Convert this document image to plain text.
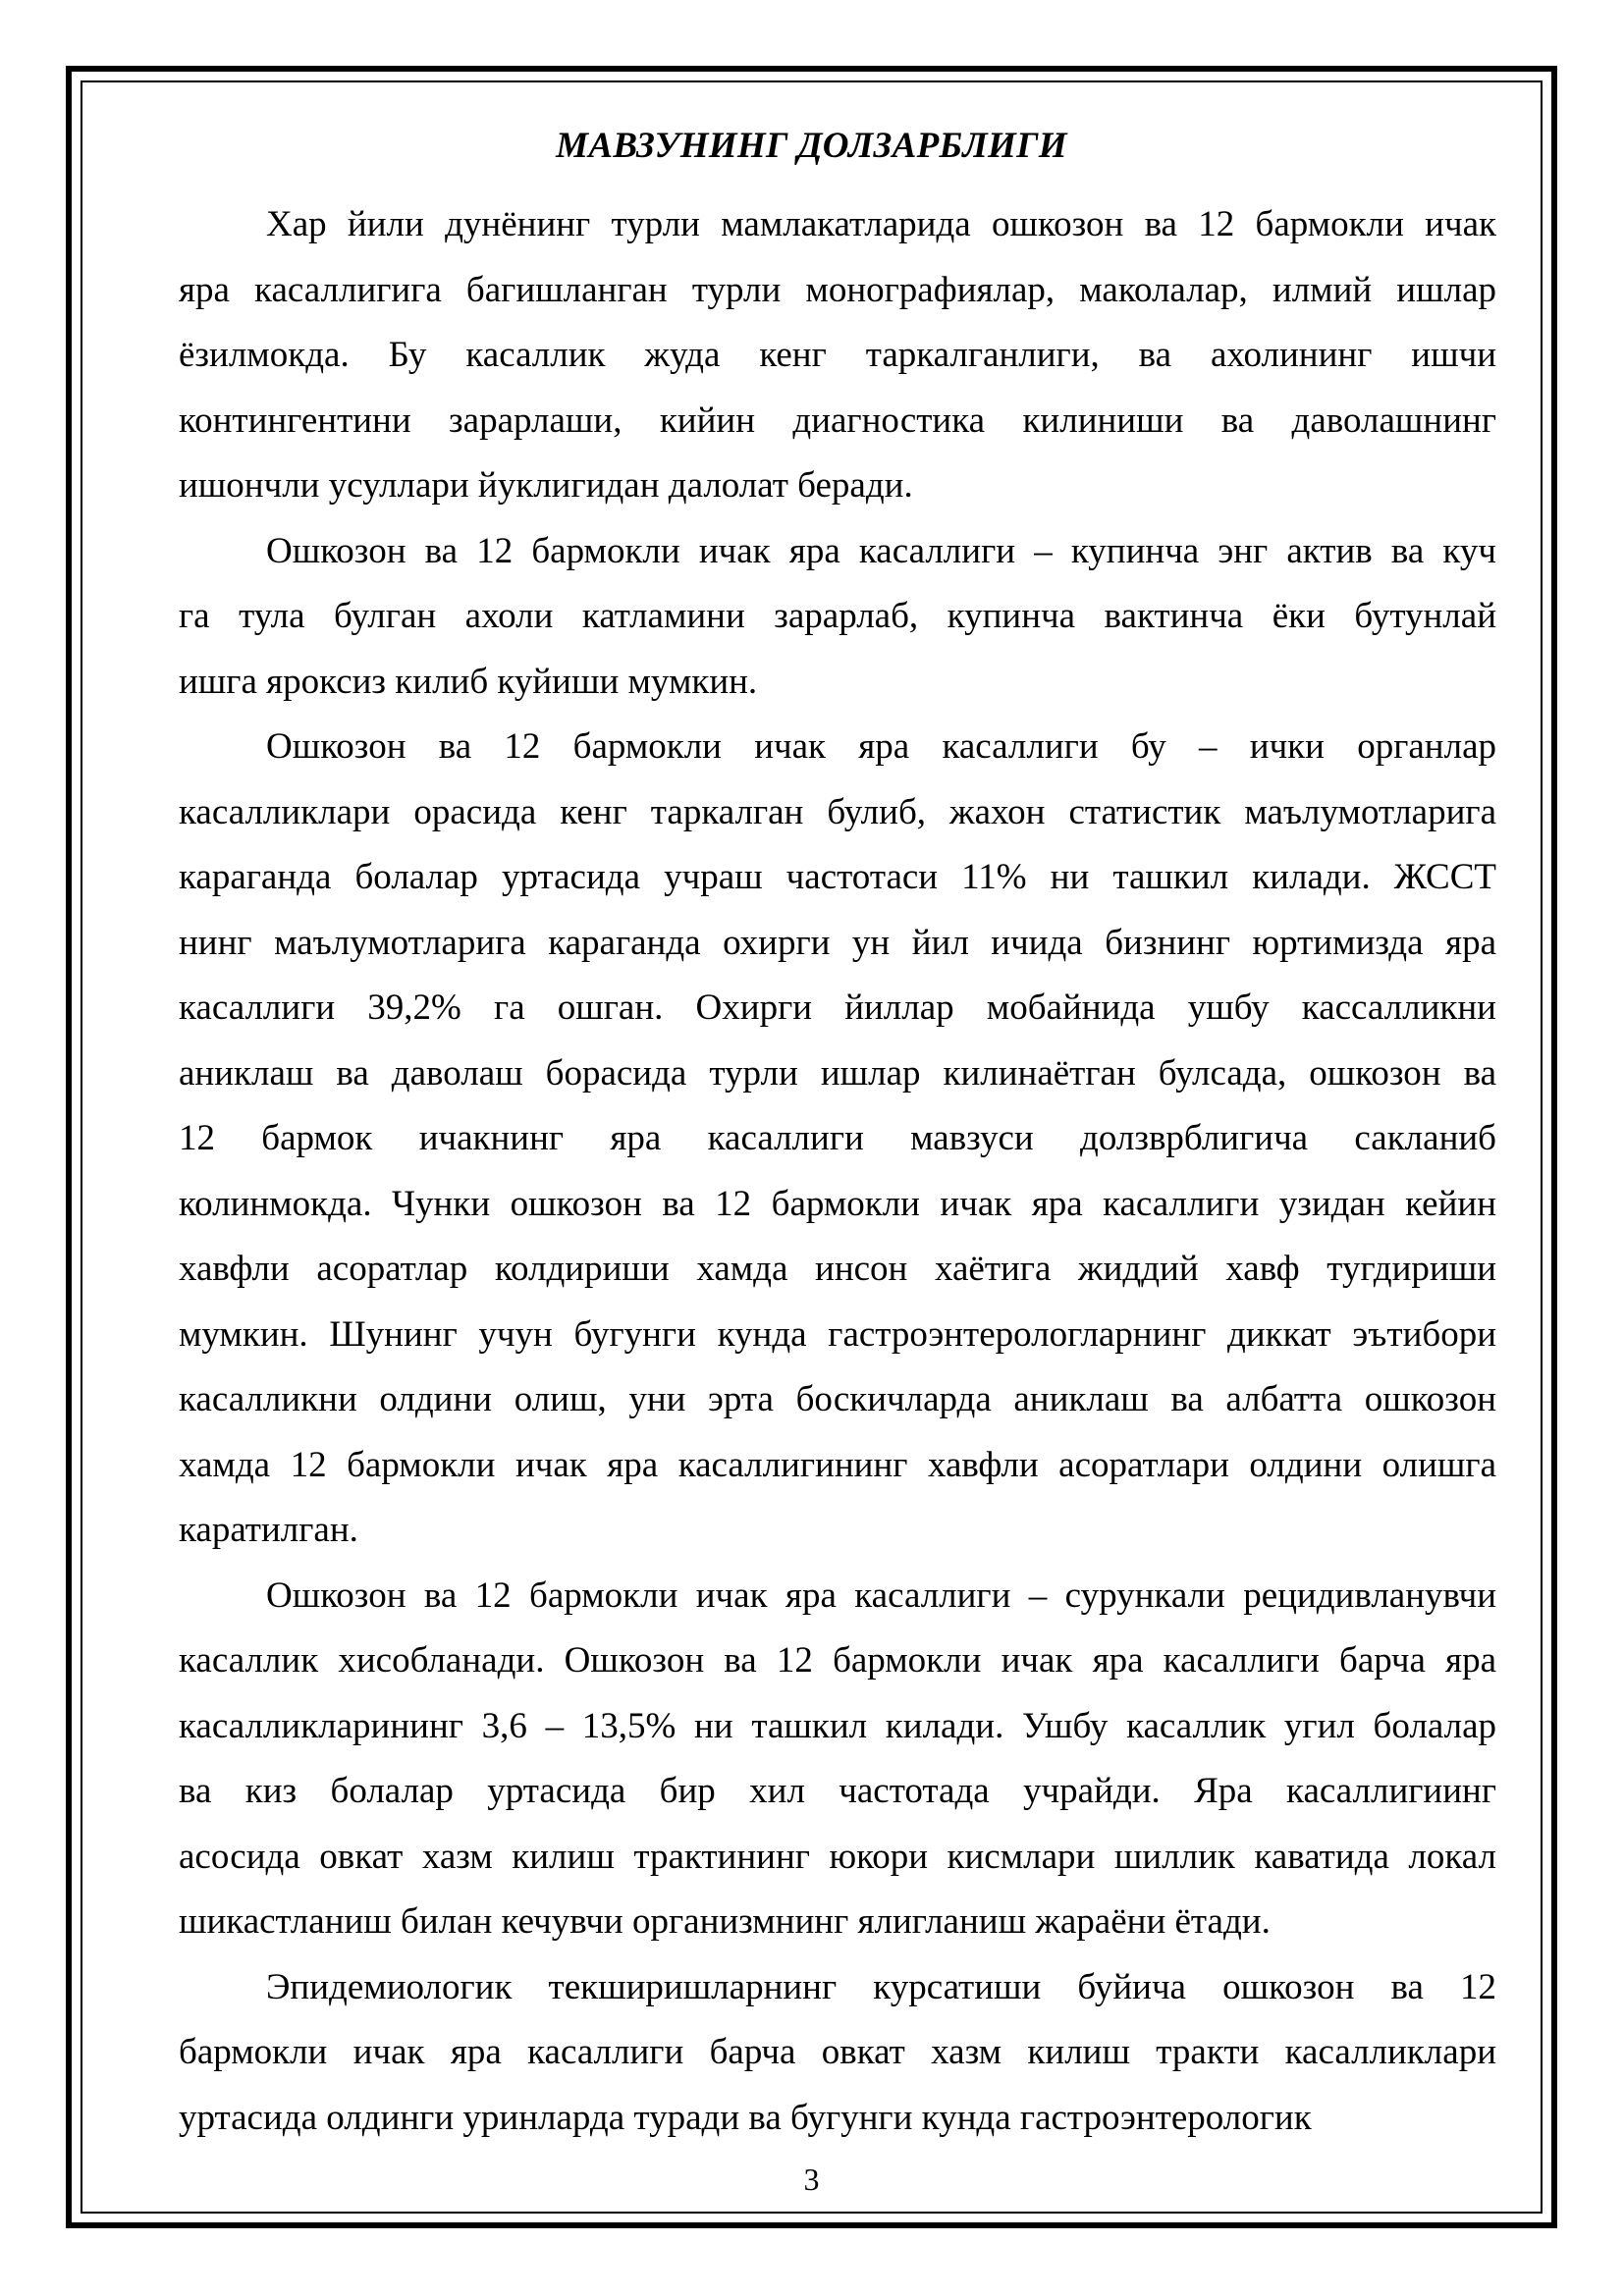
МАВЗУНИНГ ДОЛЗАРБЛИГИ

Хар йили дунёнинг турли мамлакатларида ошкозон ва 12 бармокли ичак

яра касаллигига багишланган турли монографиялар, маколалар, илмий ишлар

ёзилмокда. Бу касаллик жуда кенг таркалганлиги, ва ахолининг ишчи

контингентини зарарлаши, кийин диагностика килиниши ва даволашнинг

ишончли усуллари йуклигидан далолат беради.

Ошкозон ва 12 бармокли ичак яра касаллиги – купинча энг актив ва куч

га тула булган ахоли катламини зарарлаб, купинча вактинча ёки бутунлай

ишга яроксиз килиб куйиши мумкин.

Ошкозон ва 12 бармокли ичак яра касаллиги бу – ички органлар

касалликлари орасида кенг таркалган булиб, жахон статистик маълумотларига

караганда болалар уртасида учраш частотаси 11% ни ташкил килади. ЖССТ

нинг маълумотларига караганда охирги ун йил ичида бизнинг юртимизда яра

касаллиги 39,2% га ошган. Охирги йиллар мобайнида ушбу кассалликни

аниклаш ва даволаш борасида турли ишлар килинаётган булсада, ошкозон ва

12 бармок ичакнинг яра касаллиги мавзуси долзврблигича сакланиб

колинмокда. Чунки ошкозон ва 12 бармокли ичак яра касаллиги узидан кейин

хавфли асоратлар колдириши хамда инсон хаётига жиддий хавф тугдириши

мумкин. Шунинг учун бугунги кунда гастроэнтерологларнинг диккат эътибори

касалликни олдини олиш, уни эрта боскичларда аниклаш ва албатта ошкозон

хамда 12 бармокли ичак яра касаллигининг хавфли асоратлари олдини олишга

каратилган.

Ошкозон ва 12 бармокли ичак яра касаллиги – сурункали рецидивланувчи

касаллик хисобланади. Ошкозон ва 12 бармокли ичак яра касаллиги барча яра

касалликларининг 3,6 – 13,5% ни ташкил килади. Ушбу касаллик угил болалар

ва киз болалар уртасида бир хил частотада учрайди. Яра касаллигиинг

асосида овкат хазм килиш трактининг юкори кисмлари шиллик каватида локал

шикастланиш билан кечувчи организмнинг ялигланиш жараёни ётади.

Эпидемиологик текширишларнинг курсатиши буйича ошкозон ва 12

бармокли ичак яра касаллиги барча овкат хазм килиш тракти касалликлари

уртасида олдинги уринларда туради ва бугунги кунда гастроэнтерологик

3
